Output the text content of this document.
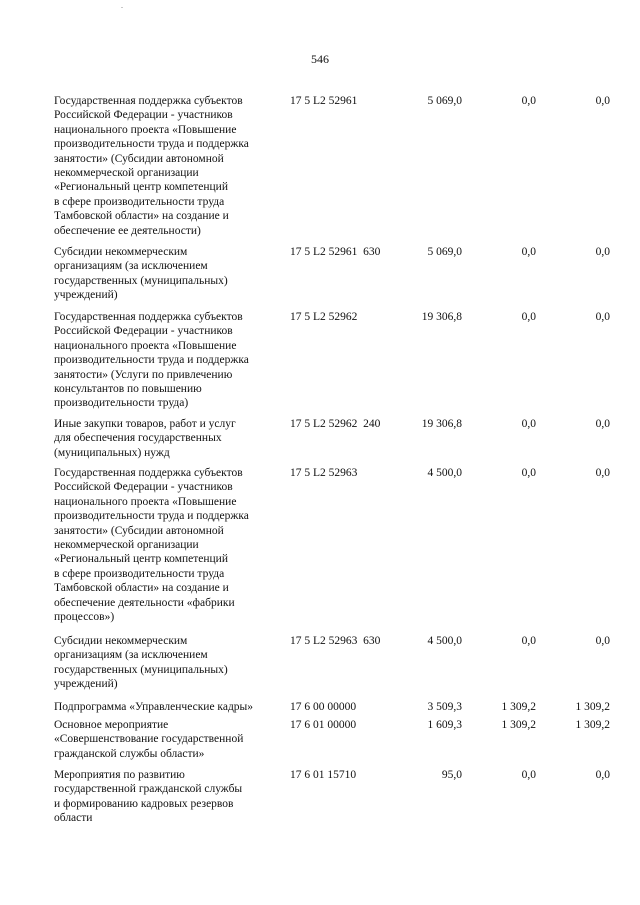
546
Государственная поддержка субъектов
Российской Федерации - участников
национального проекта «Повышение
производительности труда и поддержка
занятости» (Субсидии автономной
некоммерческой организации
«Региональный центр компетенций
в сфере производительности труда
Тамбовской области» на создание и
обеспечение ее деятельности)
17 5 L2 52961	5 069,0	0,0	0,0
Субсидии некоммерческим
организациям (за исключением
государственных (муниципальных)
учреждений)
17 5 L2 52961  630	5 069,0	0,0	0,0
Государственная поддержка субъектов
Российской Федерации - участников
национального проекта «Повышение
производительности труда и поддержка
занятости» (Услуги по привлечению
консультантов по повышению
производительности труда)
17 5 L2 52962	19 306,8	0,0	0,0
Иные закупки товаров, работ и услуг
для обеспечения государственных
(муниципальных) нужд
17 5 L2 52962  240	19 306,8	0,0	0,0
Государственная поддержка субъектов
Российской Федерации - участников
национального проекта «Повышение
производительности труда и поддержка
занятости» (Субсидии автономной
некоммерческой организации
«Региональный центр компетенций
в сфере производительности труда
Тамбовской области» на создание и
обеспечение деятельности «фабрики
процессов»)
17 5 L2 52963	4 500,0	0,0	0,0
Субсидии некоммерческим
организациям (за исключением
государственных (муниципальных)
учреждений)
17 5 L2 52963  630	4 500,0	0,0	0,0
Подпрограмма «Управленческие кадры»	17 6 00 00000	3 509,3	1 309,2	1 309,2
Основное мероприятие
«Совершенствование государственной
гражданской службы области»
17 6 01 00000	1 609,3	1 309,2	1 309,2
Мероприятия по развитию
государственной гражданской службы
и формированию кадровых резервов
области
17 6 01 15710	95,0	0,0	0,0
